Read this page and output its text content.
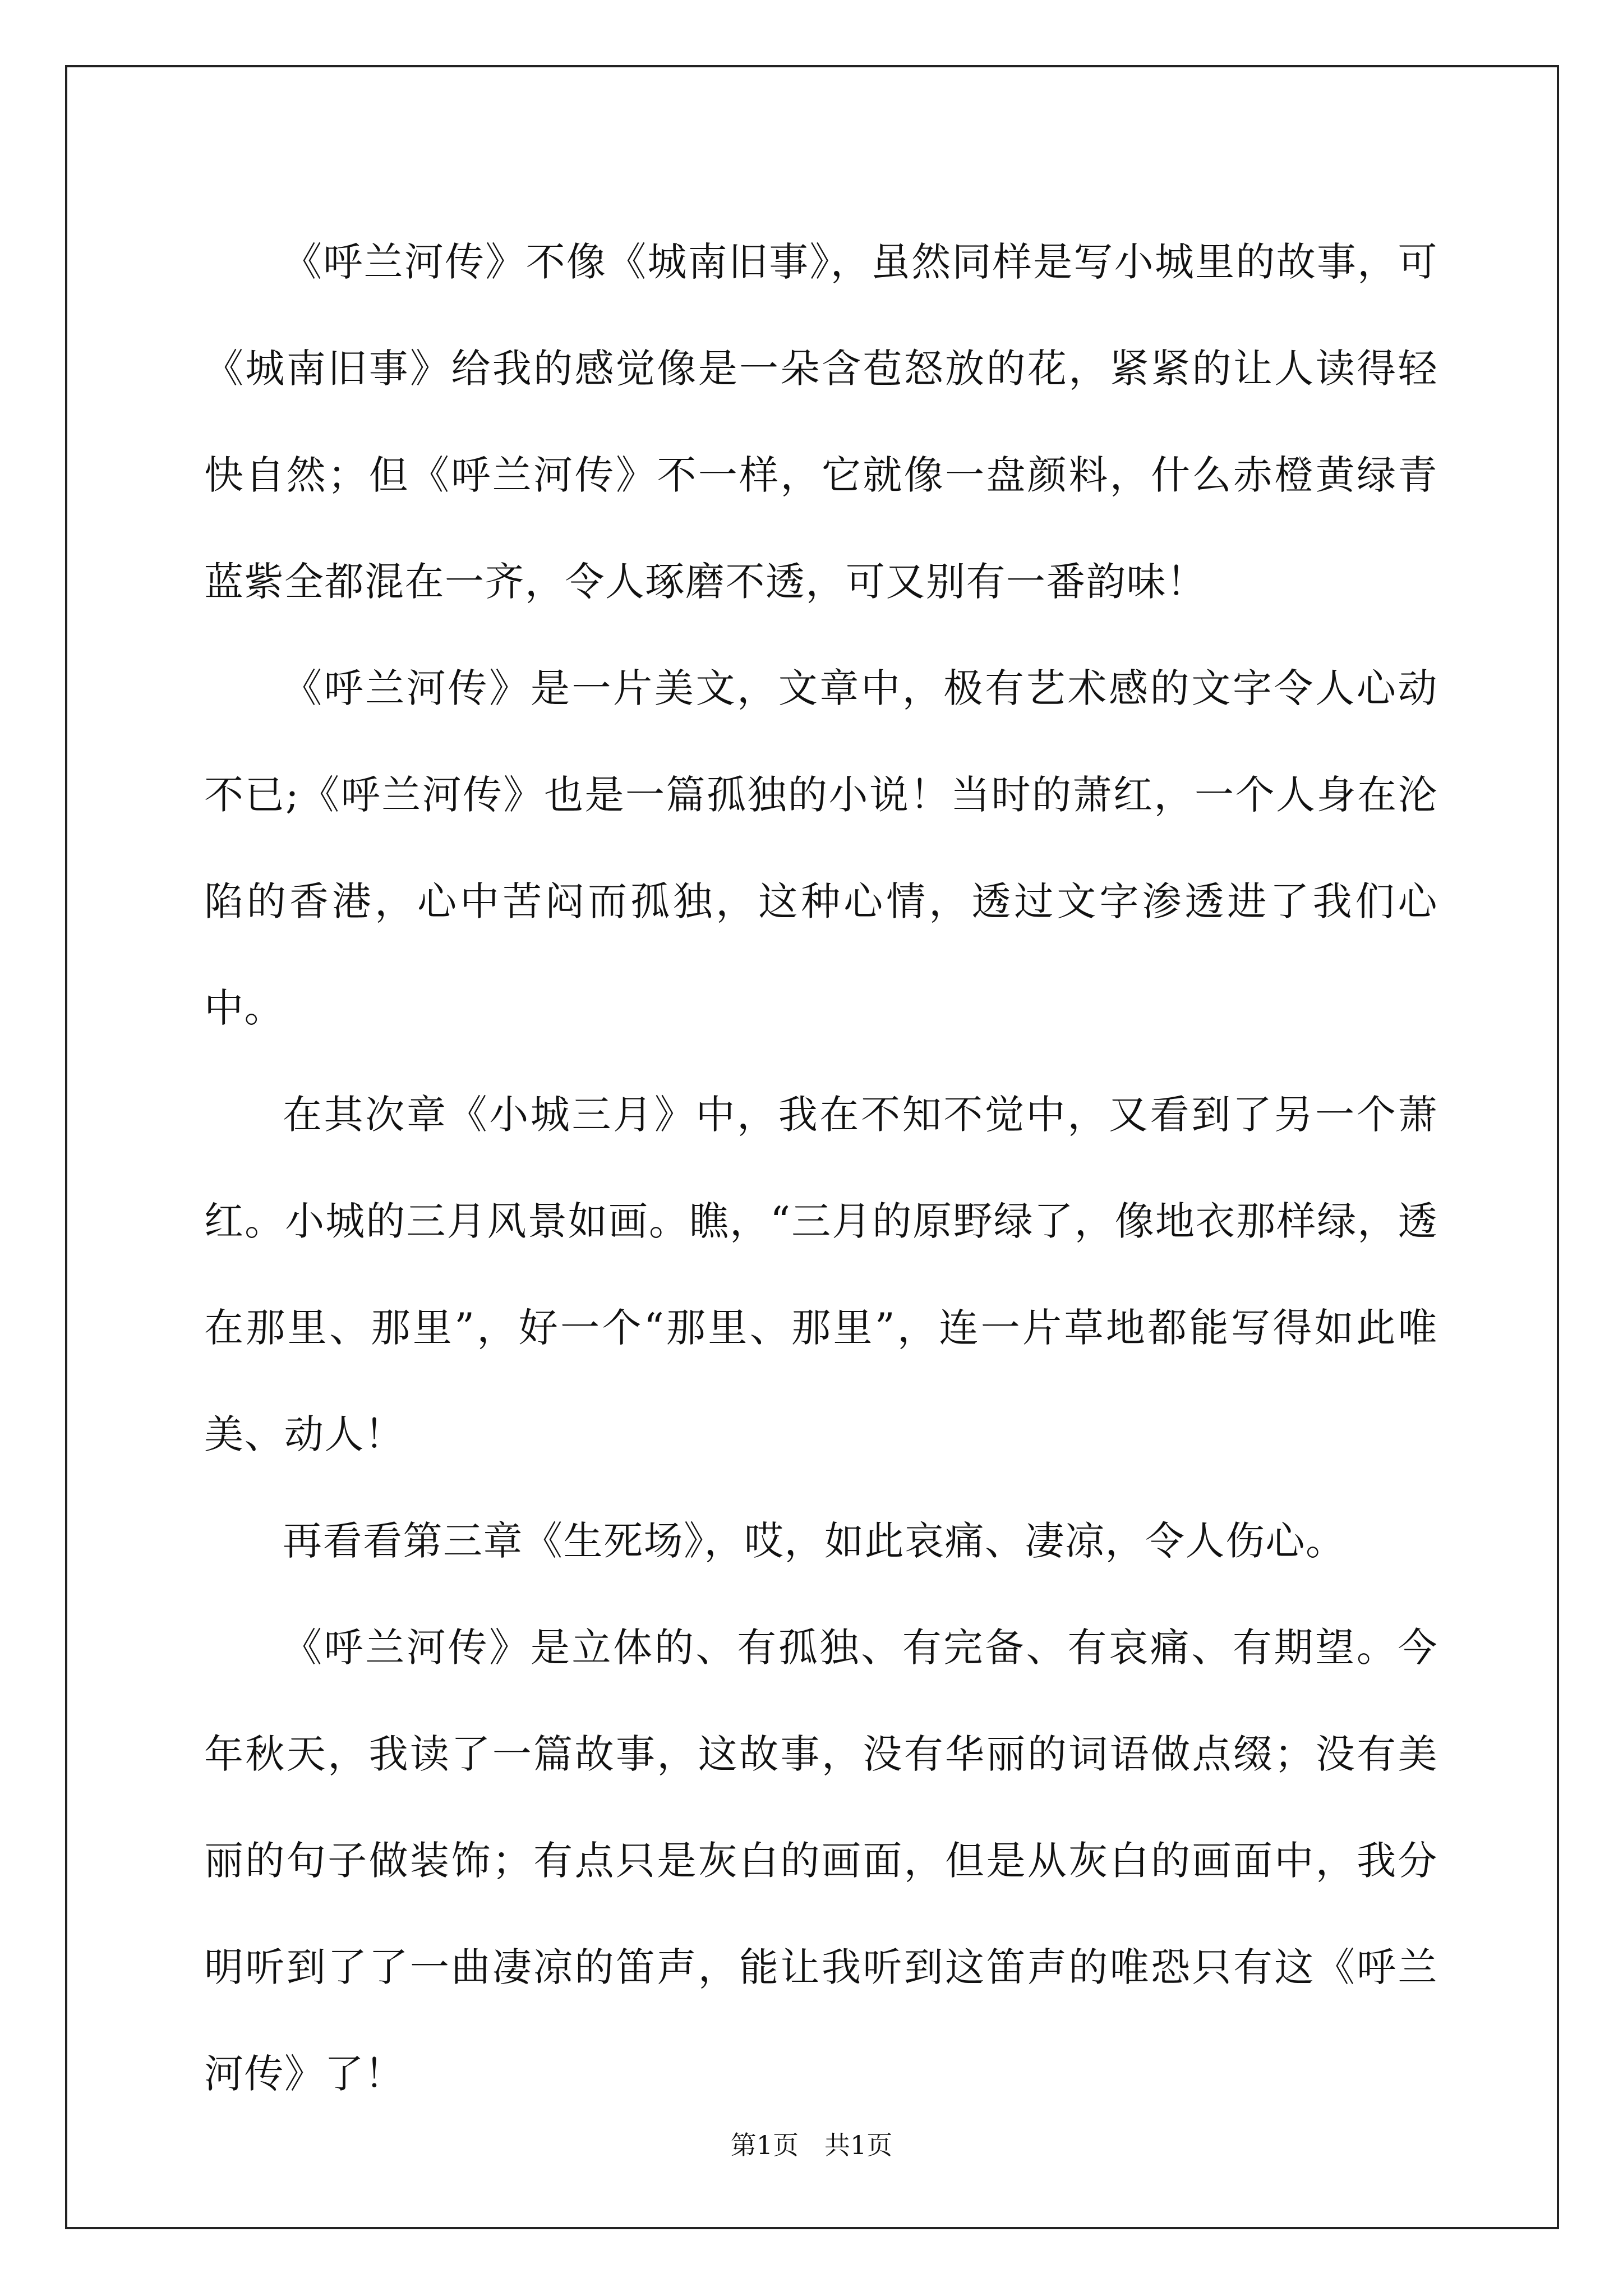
《呼兰河传》不像《城南旧事》，虽然同样是写小城里的故事，可《城南旧事》给我的感觉像是一朵含苞怒放的花，紧紧的让人读得轻快自然；但《呼兰河传》不一样，它就像一盘颜料，什么赤橙黄绿青蓝紫全都混在一齐，令人琢磨不透，可又别有一番韵味！

《呼兰河传》是一片美文，文章中，极有艺术感的文字令人心动不已;《呼兰河传》也是一篇孤独的小说！当时的萧红，一个人身在沦陷的香港，心中苦闷而孤独，这种心情，透过文字渗透进了我们心中。

在其次章《小城三月》中，我在不知不觉中，又看到了另一个萧红。小城的三月风景如画。瞧，“三月的原野绿了，像地衣那样绿，透在那里、那里”，好一个“那里、那里”，连一片草地都能写得如此唯美、动人！

再看看第三章《生死场》，哎，如此哀痛、凄凉，令人伤心。

《呼兰河传》是立体的、有孤独、有完备、有哀痛、有期望。今年秋天，我读了一篇故事，这故事，没有华丽的词语做点缀；没有美丽的句子做装饰；有点只是灰白的画面，但是从灰白的画面中，我分明听到了了一曲凄凉的笛声，能让我听到这笛声的唯恐只有这《呼兰河传》了！

第1页 共1页
